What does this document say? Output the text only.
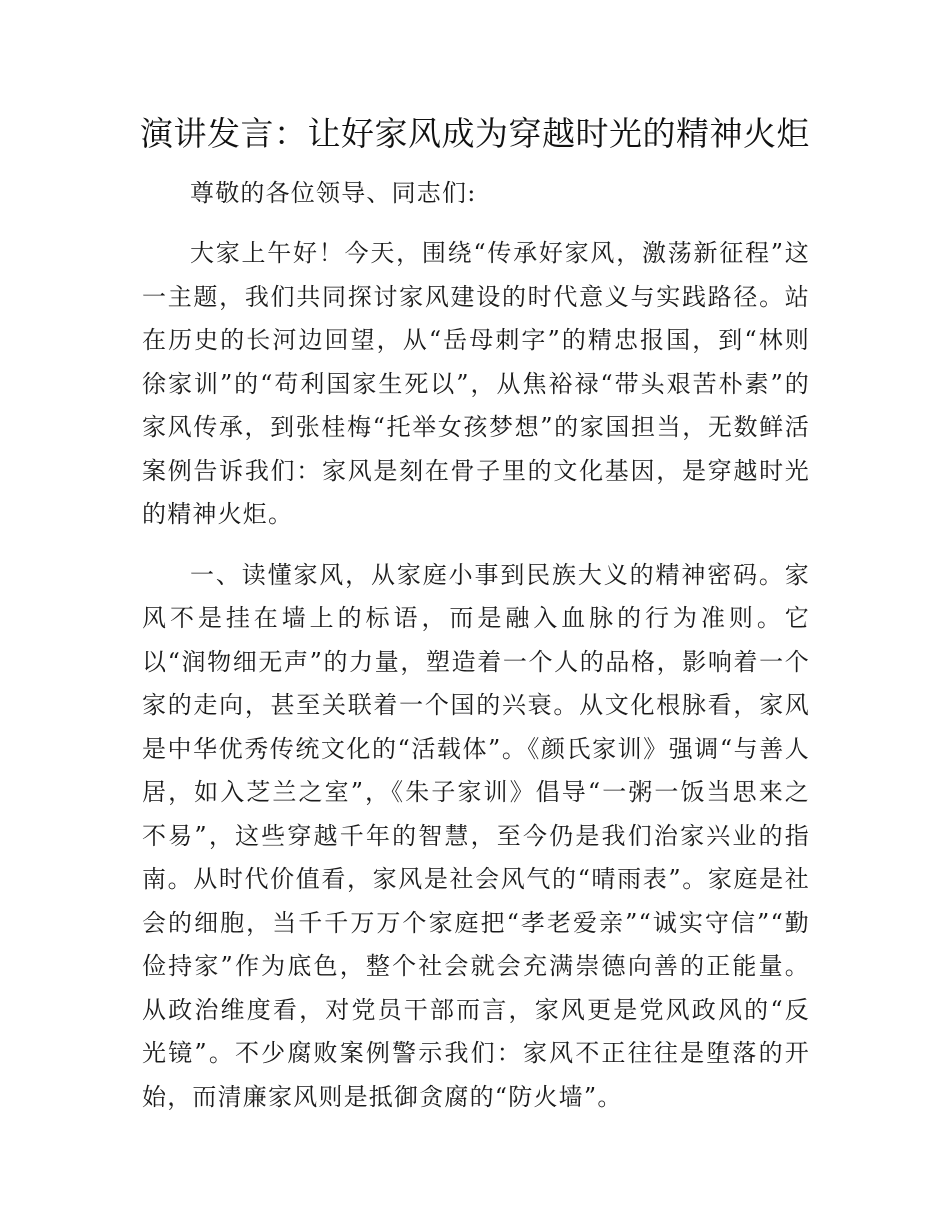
演讲发言：让好家风成为穿越时光的精神火炬
尊敬的各位领导、同志们:

大家上午好！今天，围绕“传承好家风，激荡新征程”这一主题，我们共同探讨家风建设的时代意义与实践路径。站在历史的长河边回望，从“岳母刺字”的精忠报国，到“林则徐家训”的“苟利国家生死以”，从焦裕禄“带头艰苦朴素”的家风传承，到张桂梅“托举女孩梦想”的家国担当，无数鲜活案例告诉我们：家风是刻在骨子里的文化基因，是穿越时光的精神火炬。

一、读懂家风，从家庭小事到民族大义的精神密码。家风不是挂在墙上的标语，而是融入血脉的行为准则。它以“润物细无声”的力量，塑造着一个人的品格，影响着一个家的走向，甚至关联着一个国的兴衰。从文化根脉看，家风是中华优秀传统文化的“活载体”。《颜氏家训》强调“与善人居，如入芝兰之室”，《朱子家训》倡导“一粥一饭当思来之不易”，这些穿越千年的智慧，至今仍是我们治家兴业的指南。从时代价值看，家风是社会风气的“晴雨表”。家庭是社会的细胞，当千千万万个家庭把“孝老爱亲”“诚实守信”“勤俭持家”作为底色，整个社会就会充满崇德向善的正能量。从政治维度看，对党员干部而言，家风更是党风政风的“反光镜”。不少腐败案例警示我们：家风不正往往是堕落的开始，而清廉家风则是抵御贪腐的“防火墙”。
